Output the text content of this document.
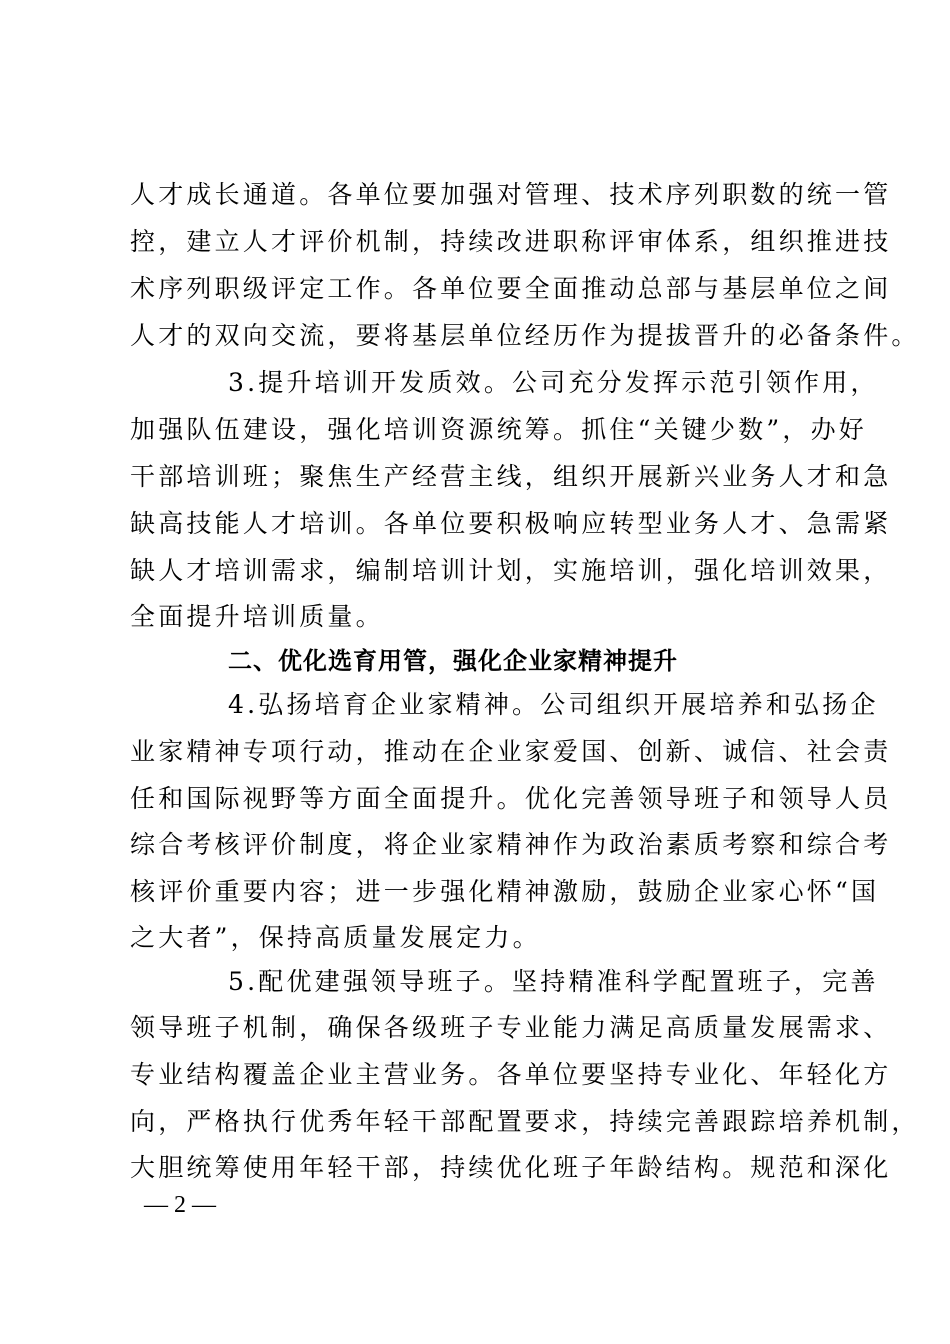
人才成长通道。各单位要加强对管理、技术序列职数的统一管
控，建立人才评价机制，持续改进职称评审体系，组织推进技
术序列职级评定工作。各单位要全面推动总部与基层单位之间
人才的双向交流，要将基层单位经历作为提拔晋升的必备条件。
3.提升培训开发质效。公司充分发挥示范引领作用，
加强队伍建设，强化培训资源统筹。抓住“关键少数”，办好
干部培训班；聚焦生产经营主线，组织开展新兴业务人才和急
缺高技能人才培训。各单位要积极响应转型业务人才、急需紧
缺人才培训需求，编制培训计划，实施培训，强化培训效果，
全面提升培训质量。
二、优化选育用管，强化企业家精神提升
4.弘扬培育企业家精神。公司组织开展培养和弘扬企
业家精神专项行动，推动在企业家爱国、创新、诚信、社会责
任和国际视野等方面全面提升。优化完善领导班子和领导人员
综合考核评价制度，将企业家精神作为政治素质考察和综合考
核评价重要内容；进一步强化精神激励，鼓励企业家心怀“国
之大者”，保持高质量发展定力。
5.配优建强领导班子。坚持精准科学配置班子，完善
领导班子机制，确保各级班子专业能力满足高质量发展需求、
专业结构覆盖企业主营业务。各单位要坚持专业化、年轻化方
向，严格执行优秀年轻干部配置要求，持续完善跟踪培养机制，
大胆统筹使用年轻干部，持续优化班子年龄结构。规范和深化
— 2 —
